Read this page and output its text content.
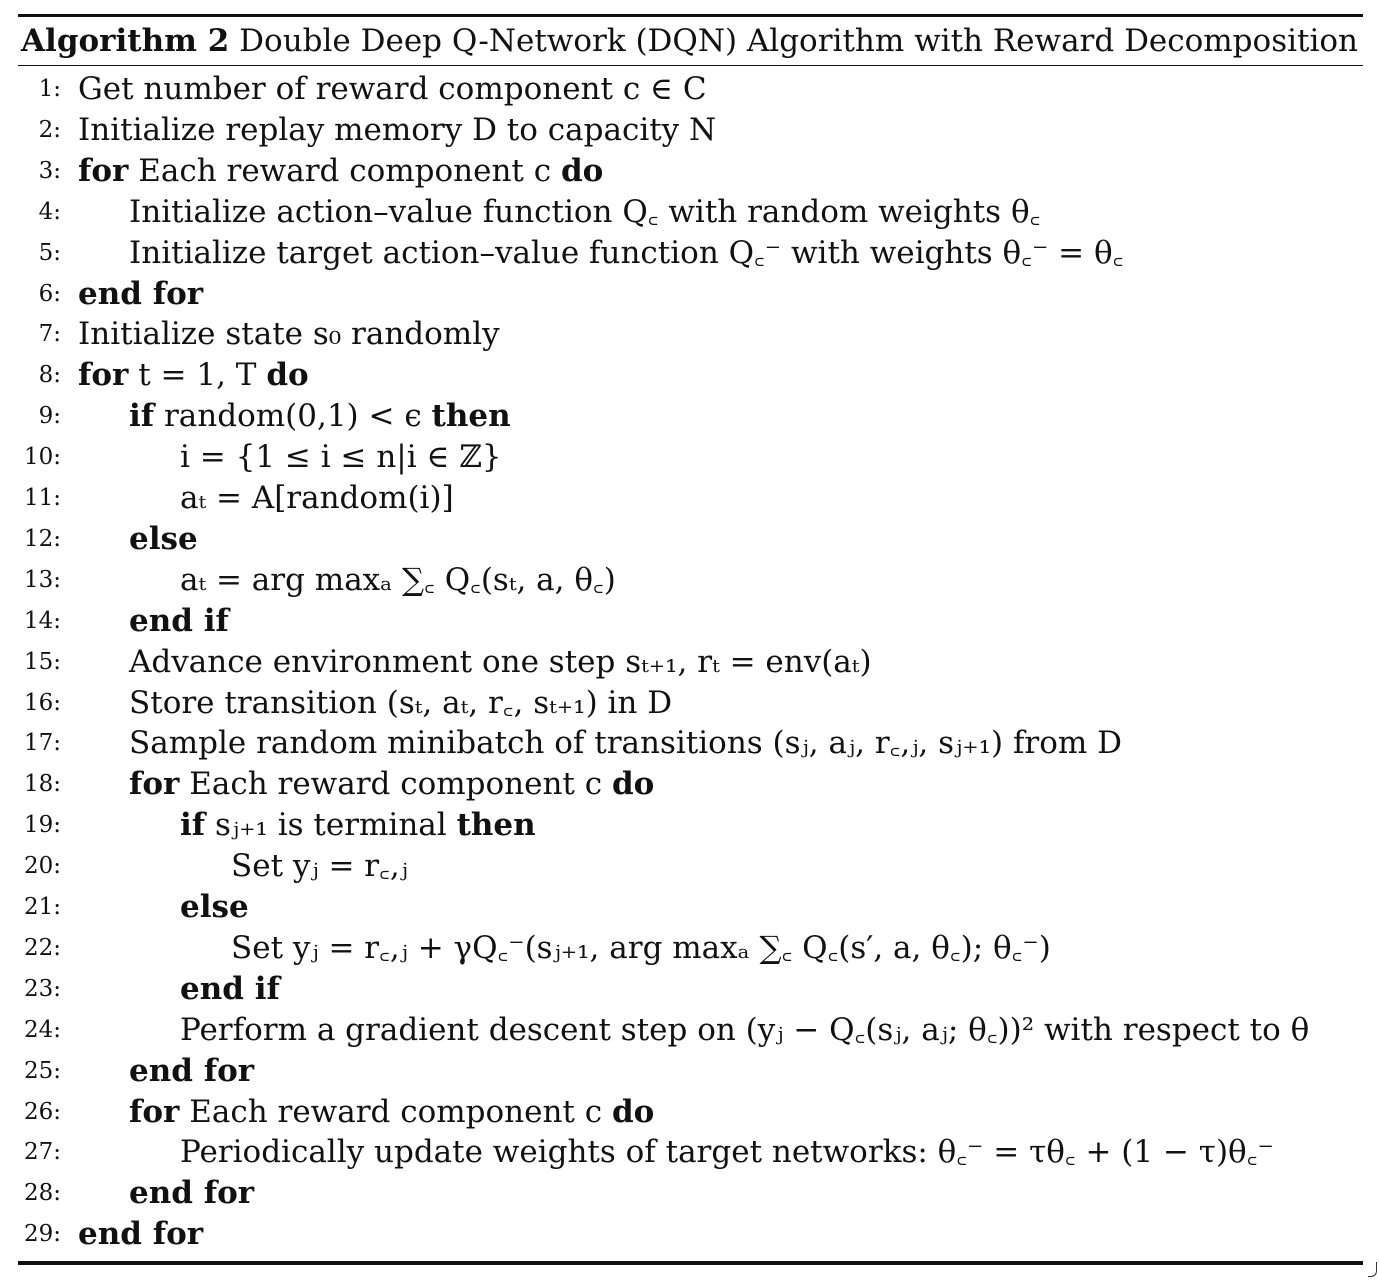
Algorithm 2 Double Deep Q-Network (DQN) Algorithm with Reward Decomposition
1: Get number of reward component c ∈ C
2: Initialize replay memory D to capacity N
3: for Each reward component c do
4: Initialize action–value function Q꜀ with random weights θ꜀
5: Initialize target action–value function Q꜀⁻ with weights θ꜀⁻ = θ꜀
6: end for
7: Initialize state s₀ randomly
8: for t = 1, T do
9: if random(0,1) < ϵ then
10:	i = {1 ≤ i ≤ n|i ∈ ℤ}
11:	aₜ = A[random(i)]
12: else
13:	aₜ = arg maxₐ ∑꜀ Q꜀(sₜ, a, θ꜀)
14: end if
15: Advance environment one step sₜ₊₁, rₜ = env(aₜ)
16: Store transition (sₜ, aₜ, r꜀, sₜ₊₁) in D
17: Sample random minibatch of transitions (sⱼ, aⱼ, r꜀,ⱼ, sⱼ₊₁) from D
18: for Each reward component c do
19:	if sⱼ₊₁ is terminal then
20:	Set yⱼ = r꜀,ⱼ
21:	else
22:	Set yⱼ = r꜀,ⱼ + γQ꜀⁻(sⱼ₊₁, arg maxₐ ∑꜀ Q꜀(s′, a, θ꜀); θ꜀⁻)
23:	end if
24:	Perform a gradient descent step on (yⱼ − Q꜀(sⱼ, aⱼ; θ꜀))² with respect to θ
25: end for
26: for Each reward component c do
27:	Periodically update weights of target networks: θ꜀⁻ = τθ꜀ + (1 − τ)θ꜀⁻
28: end for
29: end for
